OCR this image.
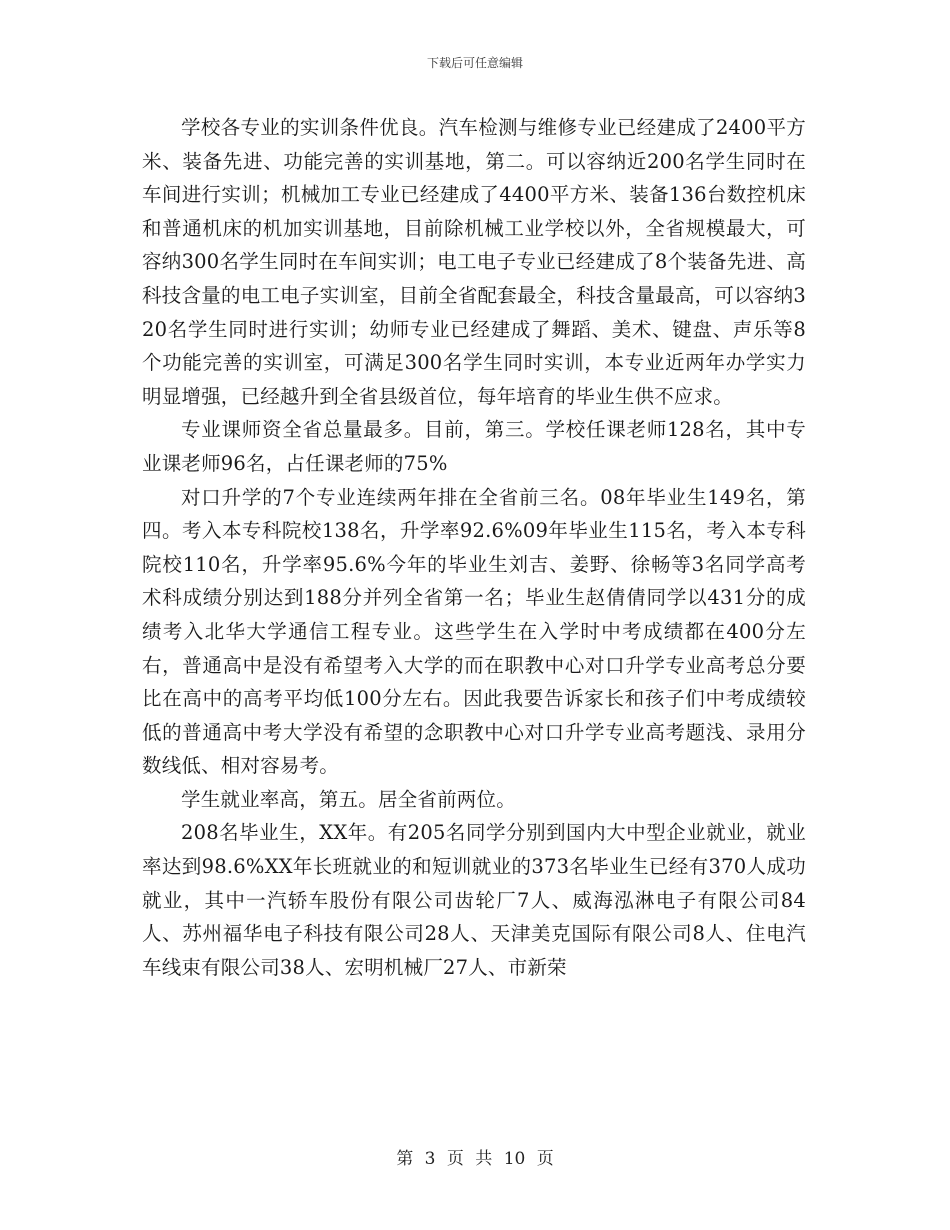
下载后可任意编辑

学校各专业的实训条件优良。汽车检测与维修专业已经建成了2400平方米、装备先进、功能完善的实训基地，第二。可以容纳近200名学生同时在车间进行实训；机械加工专业已经建成了4400平方米、装备136台数控机床和普通机床的机加实训基地，目前除机械工业学校以外，全省规模最大，可容纳300名学生同时在车间实训；电工电子专业已经建成了8个装备先进、高科技含量的电工电子实训室，目前全省配套最全，科技含量最高，可以容纳320名学生同时进行实训；幼师专业已经建成了舞蹈、美术、键盘、声乐等8个功能完善的实训室，可满足300名学生同时实训，本专业近两年办学实力明显增强，已经越升到全省县级首位，每年培育的毕业生供不应求。

专业课师资全省总量最多。目前，第三。学校任课老师128名，其中专业课老师96名，占任课老师的75%

对口升学的7个专业连续两年排在全省前三名。08年毕业生149名，第四。考入本专科院校138名，升学率92.6%09年毕业生115名，考入本专科院校110名，升学率95.6%今年的毕业生刘吉、姜野、徐畅等3名同学高考术科成绩分别达到188分并列全省第一名；毕业生赵倩倩同学以431分的成绩考入北华大学通信工程专业。这些学生在入学时中考成绩都在400分左右，普通高中是没有希望考入大学的而在职教中心对口升学专业高考总分要比在高中的高考平均低100分左右。因此我要告诉家长和孩子们中考成绩较低的普通高中考大学没有希望的念职教中心对口升学专业高考题浅、录用分数线低、相对容易考。

学生就业率高，第五。居全省前两位。

208名毕业生，XX年。有205名同学分别到国内大中型企业就业，就业率达到98.6%XX年长班就业的和短训就业的373名毕业生已经有370人成功就业，其中一汽轿车股份有限公司齿轮厂7人、威海泓淋电子有限公司84人、苏州福华电子科技有限公司28人、天津美克国际有限公司8人、住电汽车线束有限公司38人、宏明机械厂27人、市新荣

第 3 页 共 10 页
